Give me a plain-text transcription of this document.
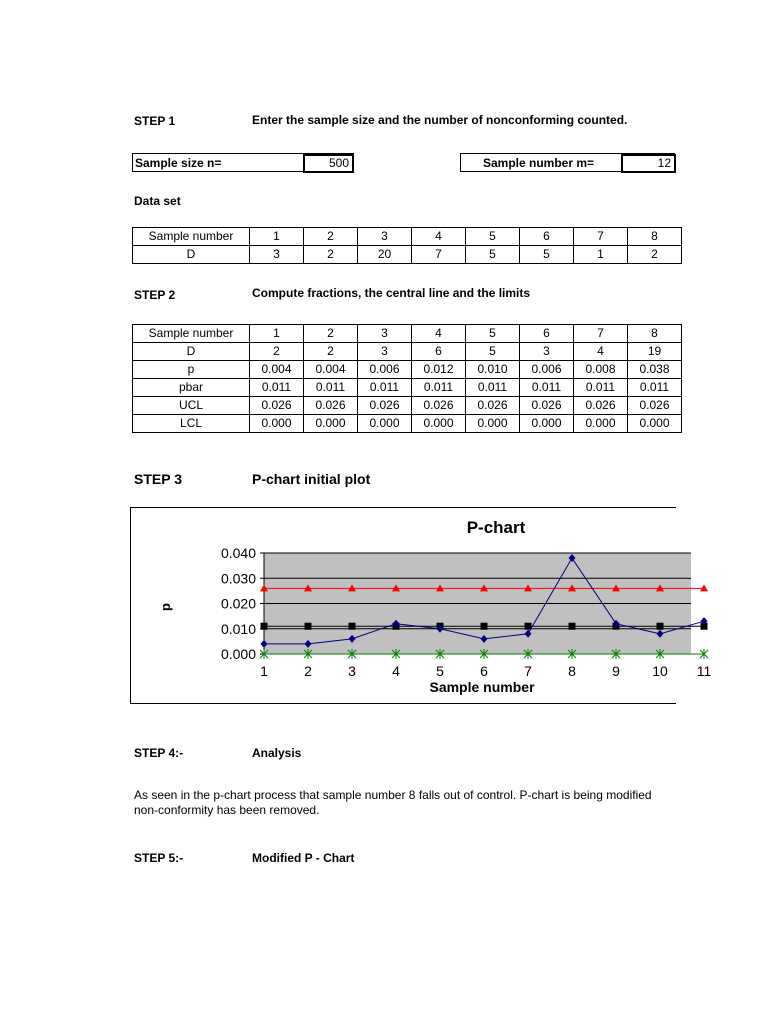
STEP 1	Enter the sample size and the number of nonconforming counted.
Sample size n=	500	Sample number m=	12
Data set
Sample number	1	2	3	4	5	6	7	8
D	3	2	20	7	5	5	1	2
STEP 2	Compute fractions, the central line and the limits
Sample number	1	2	3	4	5	6	7	8
D	2	2	3	6	5	3	4	19
p	0.004	0.004	0.006	0.012	0.010	0.006	0.008	0.038
pbar	0.011	0.011	0.011	0.011	0.011	0.011	0.011	0.011
UCL	0.026	0.026	0.026	0.026	0.026	0.026	0.026	0.026
LCL	0.000	0.000	0.000	0.000	0.000	0.000	0.000	0.000
STEP 3	P-chart initial plot
0.040
0.030
0.020
0.010
0.000
1	2	3	4	5	6	7	8	9 10 11
P-chart
Sample number
p
STEP 4:-	Analysis
As seen in the p-chart process that sample number 8 falls out of control. P-chart is being modified
non-conformity has been removed.
STEP 5:-	Modified P - Chart
